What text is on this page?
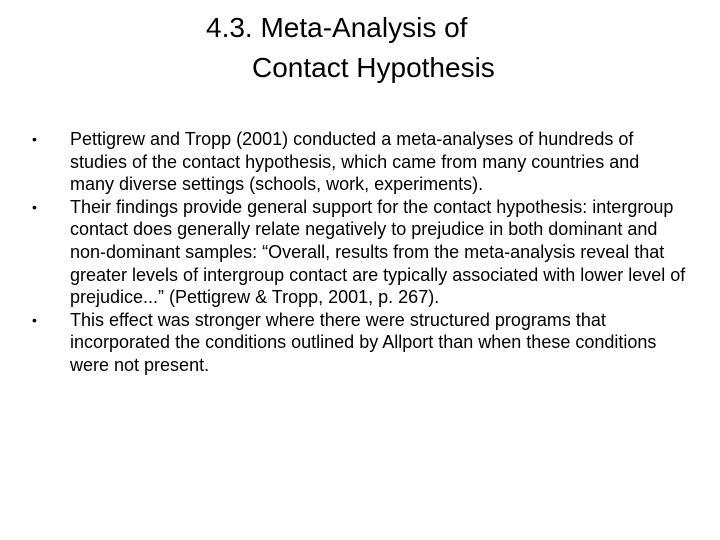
4.3. Meta-Analysis of
Contact Hypothesis
•	Pettigrew and Tropp (2001) conducted a meta-analyses of hundreds of studies of the contact hypothesis, which came from many countries and many diverse settings (schools, work, experiments).
•	Their findings provide general support for the contact hypothesis: intergroup contact does generally relate negatively to prejudice in both dominant and non-dominant samples: “Overall, results from the meta-analysis reveal that greater levels of intergroup contact are typically associated with lower level of prejudice...” (Pettigrew & Tropp, 2001, p. 267).
•	This effect was stronger where there were structured programs that incorporated the conditions outlined by Allport than when these conditions were not present.
